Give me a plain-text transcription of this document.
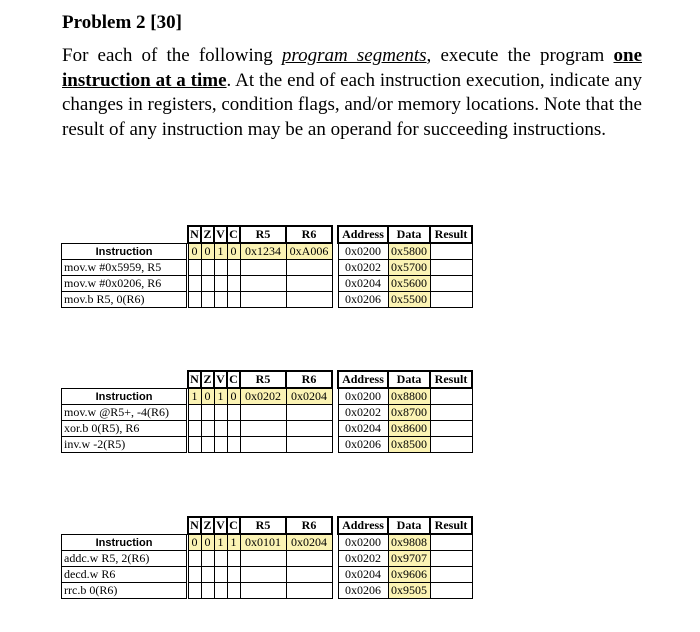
Problem 2 [30]
For each of the following program segments, execute the program one instruction at a time. At the end of each instruction execution, indicate any changes in registers, condition flags, and/or memory locations. Note that the result of any instruction may be an operand for succeeding instructions.
Instruction
mov.w #0x5959, R5
mov.w #0x0206, R6
mov.b R5, 0(R6)
N	Z	V	C	R5	R6
0	0	1	0	0x1234	0xA006

Address	Data	Result
0x0200	0x5800	
0x0202	0x5700	
0x0204	0x5600	
0x0206	0x5500	
Instruction
mov.w @R5+, -4(R6)
xor.b 0(R5), R6
inv.w -2(R5)
N	Z	V	C	R5	R6
1	0	1	0	0x0202	0x0204

Address	Data	Result
0x0200	0x8800	
0x0202	0x8700	
0x0204	0x8600	
0x0206	0x8500	
Instruction
addc.w R5, 2(R6)
decd.w R6
rrc.b 0(R6)
N	Z	V	C	R5	R6
0	0	1	1	0x0101	0x0204

Address	Data	Result
0x0200	0x9808	
0x0202	0x9707	
0x0204	0x9606	
0x0206	0x9505	
